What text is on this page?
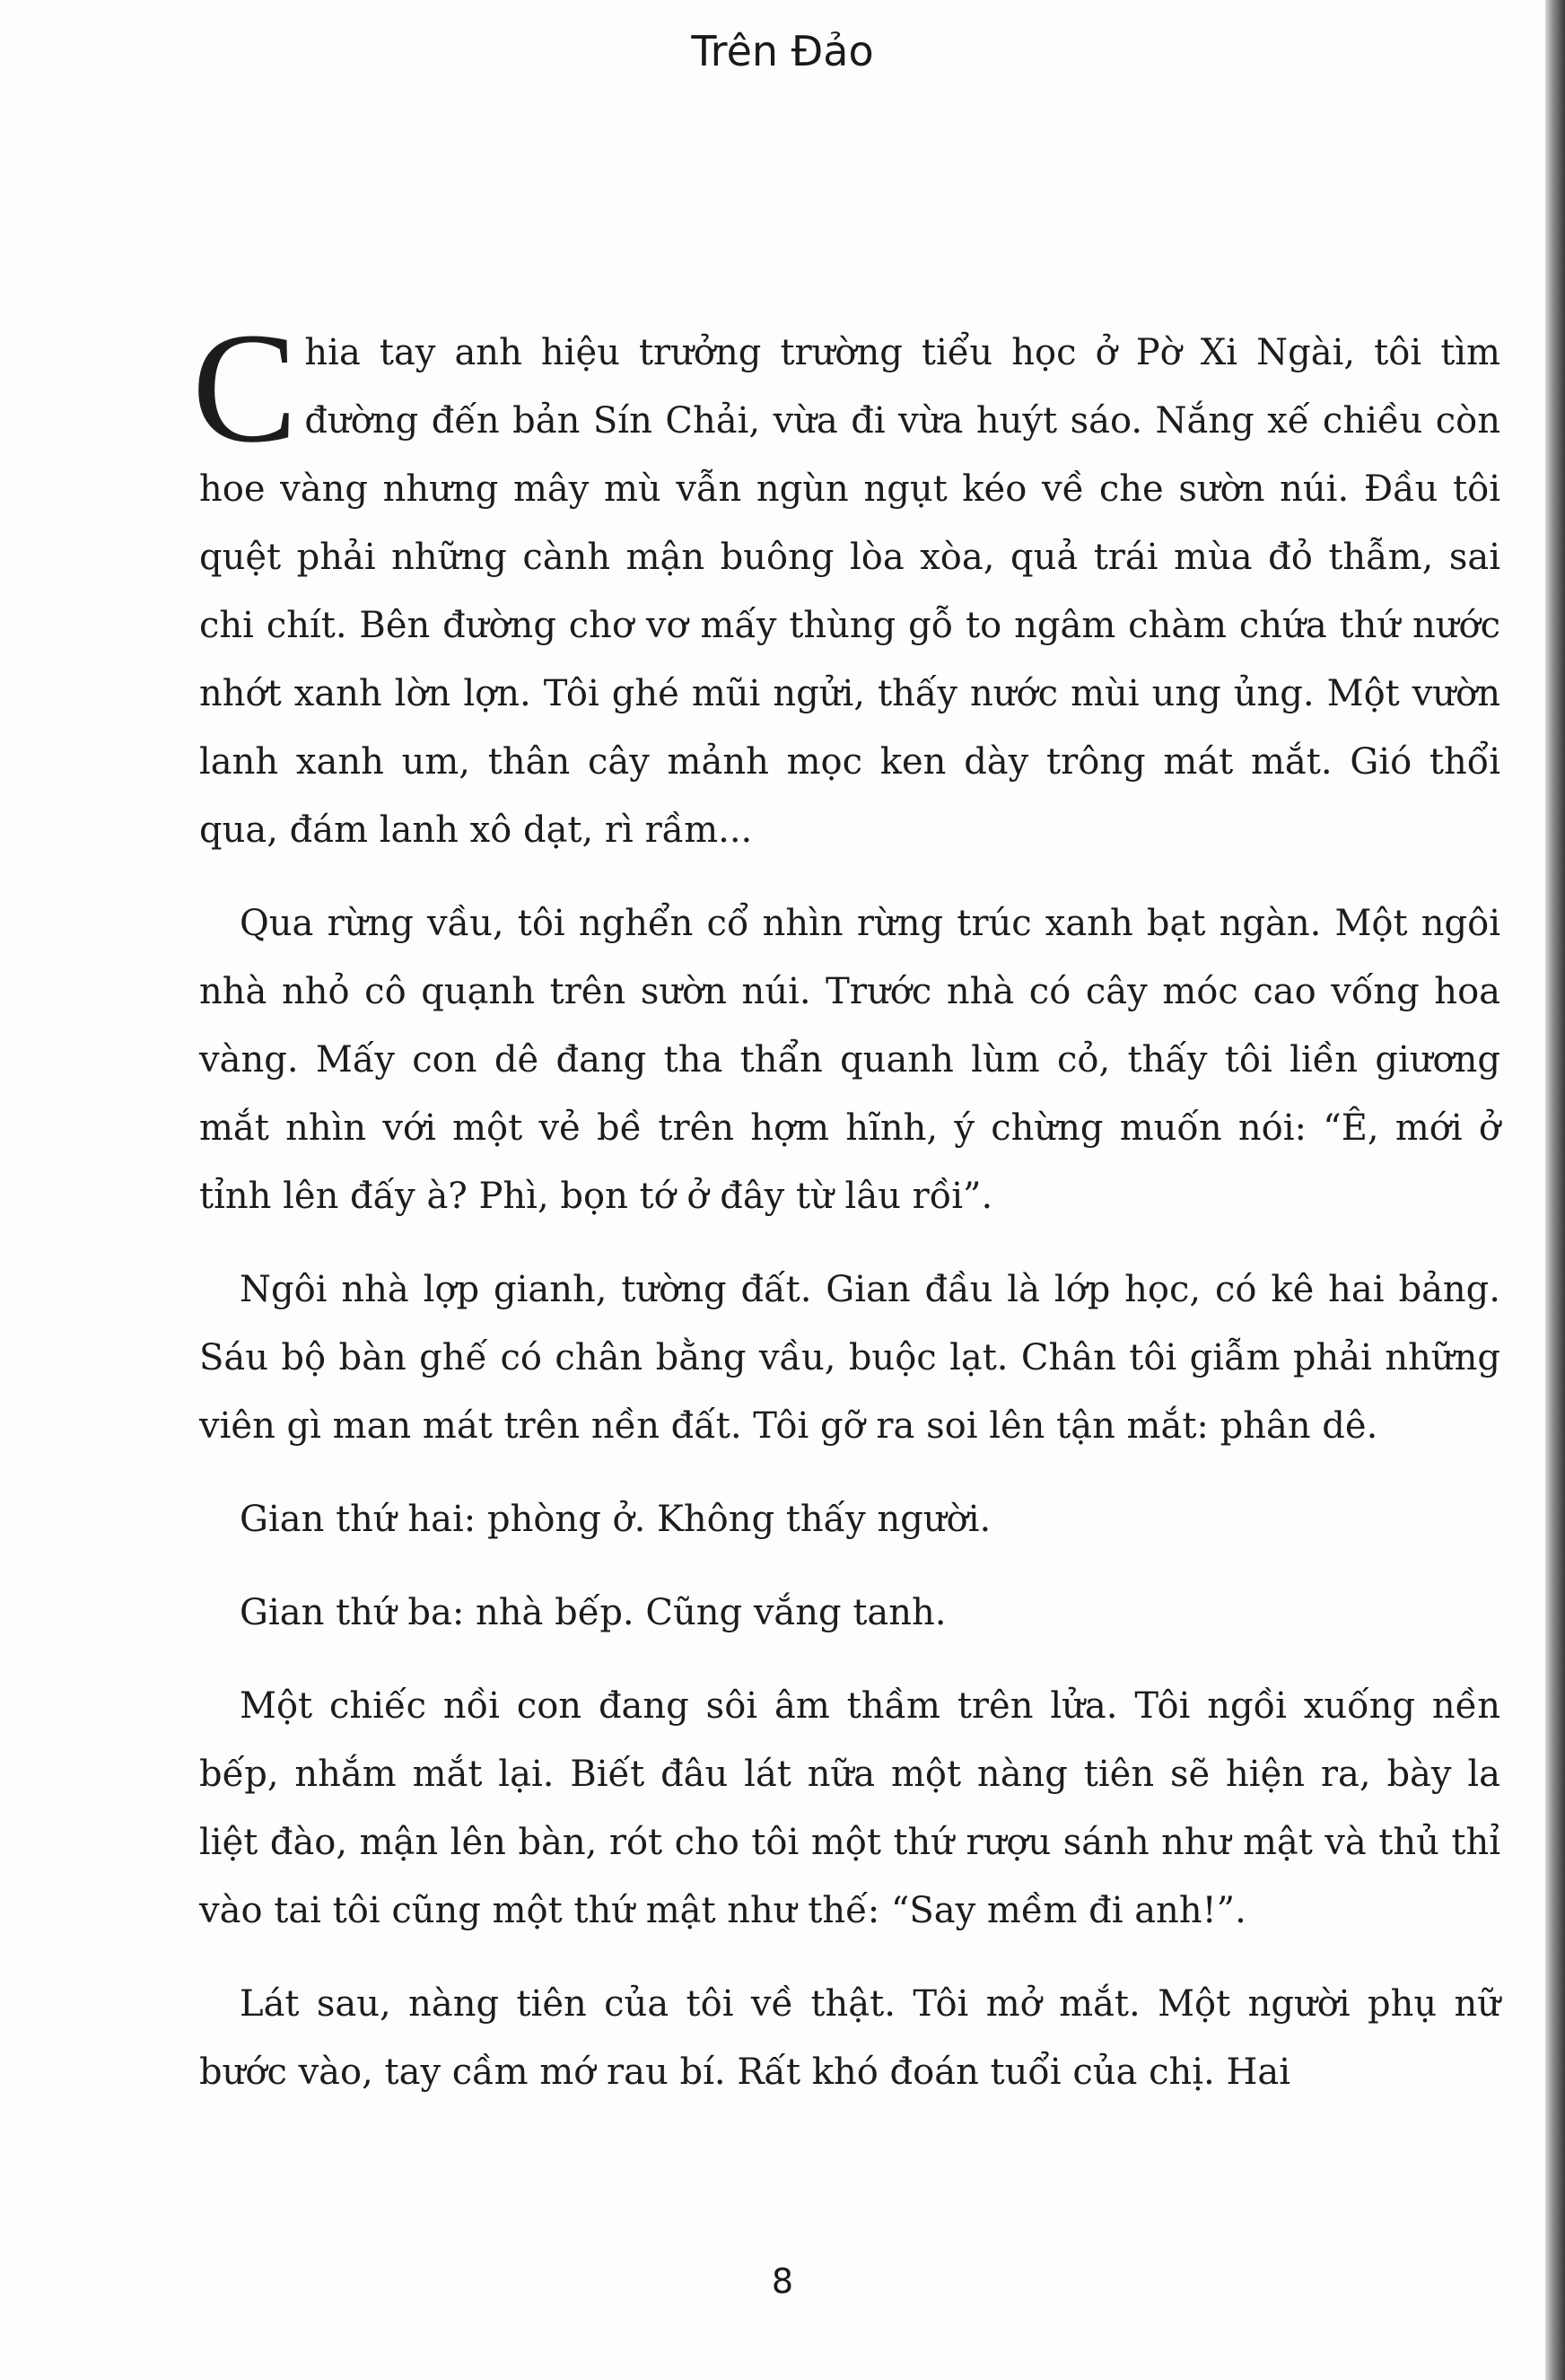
Trên Đảo

Chia tay anh hiệu trưởng trường tiểu học ở Pờ Xi Ngài, tôi tìm đường đến bản Sín Chải, vừa đi vừa huýt sáo. Nắng xế chiều còn hoe vàng nhưng mây mù vẫn ngùn ngụt kéo về che sườn núi. Đầu tôi quệt phải những cành mận buông lòa xòa, quả trái mùa đỏ thẫm, sai chi chít. Bên đường chơ vơ mấy thùng gỗ to ngâm chàm chứa thứ nước nhớt xanh lờn lợn. Tôi ghé mũi ngửi, thấy nước mùi ung ủng. Một vườn lanh xanh um, thân cây mảnh mọc ken dày trông mát mắt. Gió thổi qua, đám lanh xô dạt, rì rầm...

Qua rừng vầu, tôi nghển cổ nhìn rừng trúc xanh bạt ngàn. Một ngôi nhà nhỏ cô quạnh trên sườn núi. Trước nhà có cây móc cao vống hoa vàng. Mấy con dê đang tha thẩn quanh lùm cỏ, thấy tôi liền giương mắt nhìn với một vẻ bề trên hợm hĩnh, ý chừng muốn nói: “Ê, mới ở tỉnh lên đấy à? Phì, bọn tớ ở đây từ lâu rồi”.

Ngôi nhà lợp gianh, tường đất. Gian đầu là lớp học, có kê hai bảng. Sáu bộ bàn ghế có chân bằng vầu, buộc lạt. Chân tôi giẫm phải những viên gì man mát trên nền đất. Tôi gỡ ra soi lên tận mắt: phân dê.

Gian thứ hai: phòng ở. Không thấy người.

Gian thứ ba: nhà bếp. Cũng vắng tanh.

Một chiếc nồi con đang sôi âm thầm trên lửa. Tôi ngồi xuống nền bếp, nhắm mắt lại. Biết đâu lát nữa một nàng tiên sẽ hiện ra, bày la liệt đào, mận lên bàn, rót cho tôi một thứ rượu sánh như mật và thủ thỉ vào tai tôi cũng một thứ mật như thế: “Say mềm đi anh!”.

Lát sau, nàng tiên của tôi về thật. Tôi mở mắt. Một người phụ nữ bước vào, tay cầm mớ rau bí. Rất khó đoán tuổi của chị. Hai

8
